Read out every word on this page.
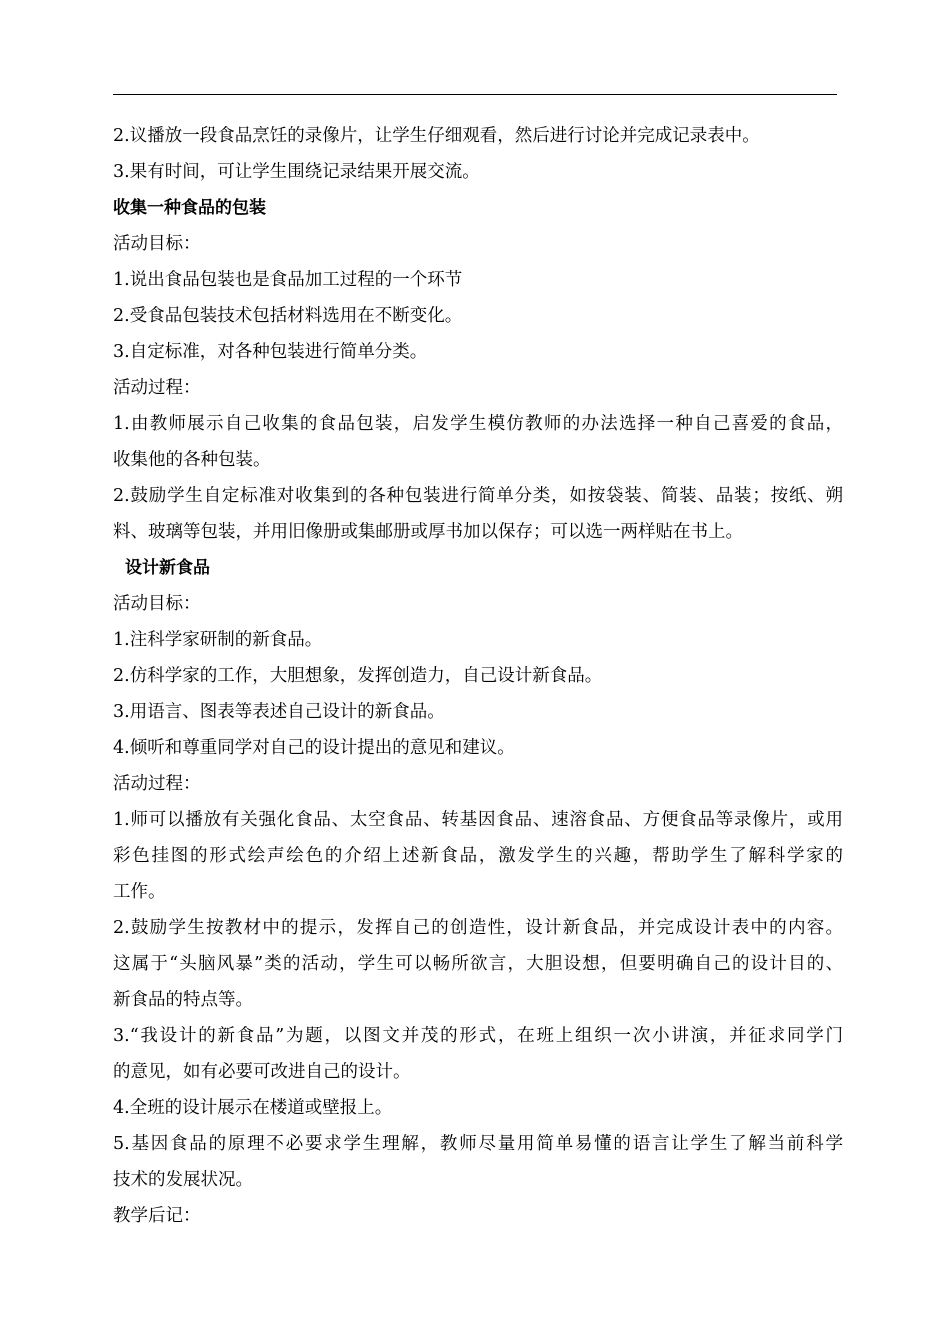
2.议播放一段食品烹饪的录像片，让学生仔细观看，然后进行讨论并完成记录表中。

3.果有时间，可让学生围绕记录结果开展交流。

收集一种食品的包装

活动目标：

1.说出食品包装也是食品加工过程的一个环节

2.受食品包装技术包括材料选用在不断变化。

3.自定标准，对各种包装进行简单分类。

活动过程：

1.由教师展示自己收集的食品包装，启发学生模仿教师的办法选择一种自己喜爱的食品，

收集他的各种包装。

2.鼓励学生自定标准对收集到的各种包装进行简单分类，如按袋装、简装、品装；按纸、朔

料、玻璃等包装，并用旧像册或集邮册或厚书加以保存；可以选一两样贴在书上。

设计新食品

活动目标：

1.注科学家研制的新食品。

2.仿科学家的工作，大胆想象，发挥创造力，自己设计新食品。

3.用语言、图表等表述自己设计的新食品。

4.倾听和尊重同学对自己的设计提出的意见和建议。

活动过程：

1.师可以播放有关强化食品、太空食品、转基因食品、速溶食品、方便食品等录像片，或用

彩色挂图的形式绘声绘色的介绍上述新食品，激发学生的兴趣，帮助学生了解科学家的

工作。

2.鼓励学生按教材中的提示，发挥自己的创造性，设计新食品，并完成设计表中的内容。

这属于“头脑风暴”类的活动，学生可以畅所欲言，大胆设想，但要明确自己的设计目的、

新食品的特点等。

3.“我设计的新食品”为题，以图文并茂的形式，在班上组织一次小讲演，并征求同学门

的意见，如有必要可改进自己的设计。

4.全班的设计展示在楼道或壁报上。

5.基因食品的原理不必要求学生理解，教师尽量用简单易懂的语言让学生了解当前科学

技术的发展状况。

教学后记：
